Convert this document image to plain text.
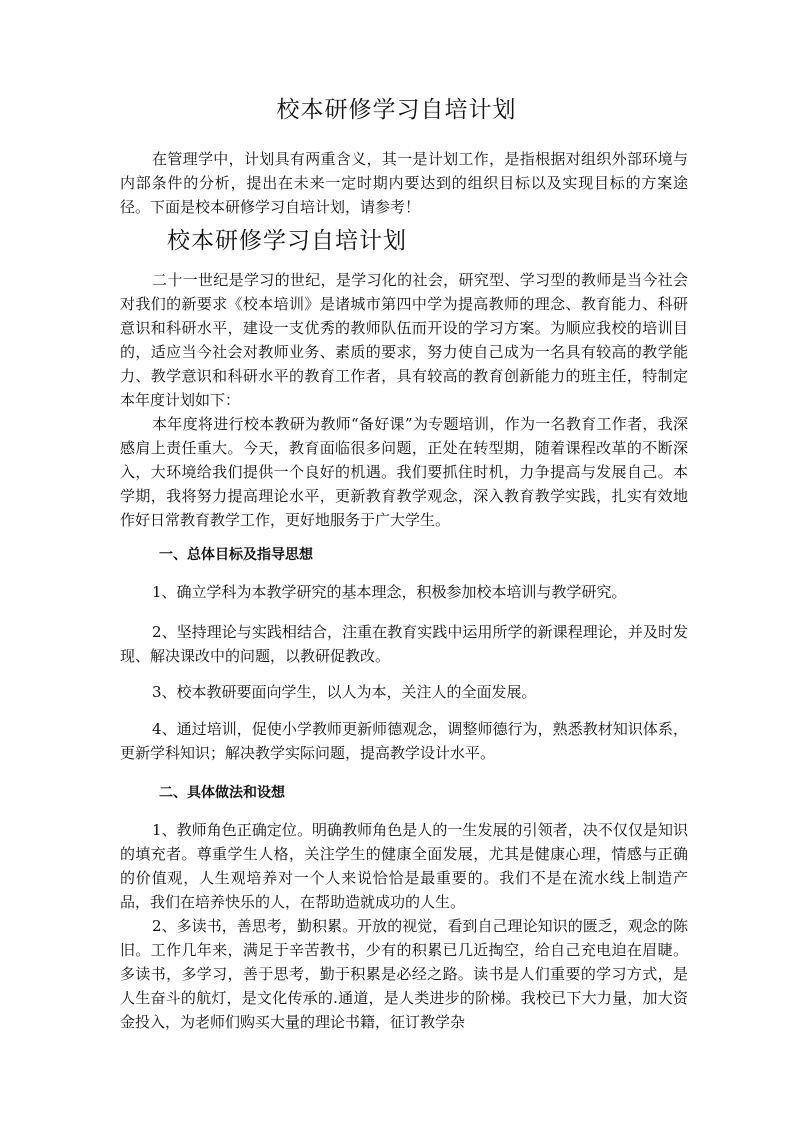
校本研修学习自培计划

在管理学中，计划具有两重含义，其一是计划工作，是指根据对组织外部环境与内部条件的分析，提出在未来一定时期内要达到的组织目标以及实现目标的方案途径。下面是校本研修学习自培计划，请参考！

校本研修学习自培计划

二十一世纪是学习的世纪，是学习化的社会，研究型、学习型的教师是当今社会对我们的新要求《校本培训》是诸城市第四中学为提高教师的理念、教育能力、科研意识和科研水平，建设一支优秀的教师队伍而开设的学习方案。为顺应我校的培训目的，适应当今社会对教师业务、素质的要求，努力使自己成为一名具有较高的教学能力、教学意识和科研水平的教育工作者，具有较高的教育创新能力的班主任，特制定本年度计划如下：

本年度将进行校本教研为教师“备好课”为专题培训，作为一名教育工作者，我深感肩上责任重大。今天，教育面临很多问题，正处在转型期，随着课程改革的不断深入，大环境给我们提供一个良好的机遇。我们要抓住时机，力争提高与发展自己。本学期，我将努力提高理论水平，更新教育教学观念，深入教育教学实践，扎实有效地作好日常教育教学工作，更好地服务于广大学生。

一、总体目标及指导思想

1、确立学科为本教学研究的基本理念，积极参加校本培训与教学研究。

2、坚持理论与实践相结合，注重在教育实践中运用所学的新课程理论，并及时发现、解决课改中的问题，以教研促教改。

3、校本教研要面向学生，以人为本，关注人的全面发展。

4、通过培训，促使小学教师更新师德观念，调整师德行为，熟悉教材知识体系，更新学科知识；解决教学实际问题，提高教学设计水平。

二、具体做法和设想

1、教师角色正确定位。明确教师角色是人的一生发展的引领者，决不仅仅是知识的填充者。尊重学生人格，关注学生的健康全面发展，尤其是健康心理，情感与正确的价值观，人生观培养对一个人来说恰恰是最重要的。我们不是在流水线上制造产品，我们在培养快乐的人，在帮助造就成功的人生。

2、多读书，善思考，勤积累。开放的视觉，看到自己理论知识的匮乏，观念的陈旧。工作几年来，满足于辛苦教书，少有的积累已几近掏空，给自己充电迫在眉睫。多读书，多学习，善于思考，勤于积累是必经之路。读书是人们重要的学习方式，是人生奋斗的航灯，是文化传承的.通道，是人类进步的阶梯。我校已下大力量，加大资金投入，为老师们购买大量的理论书籍，征订教学杂
